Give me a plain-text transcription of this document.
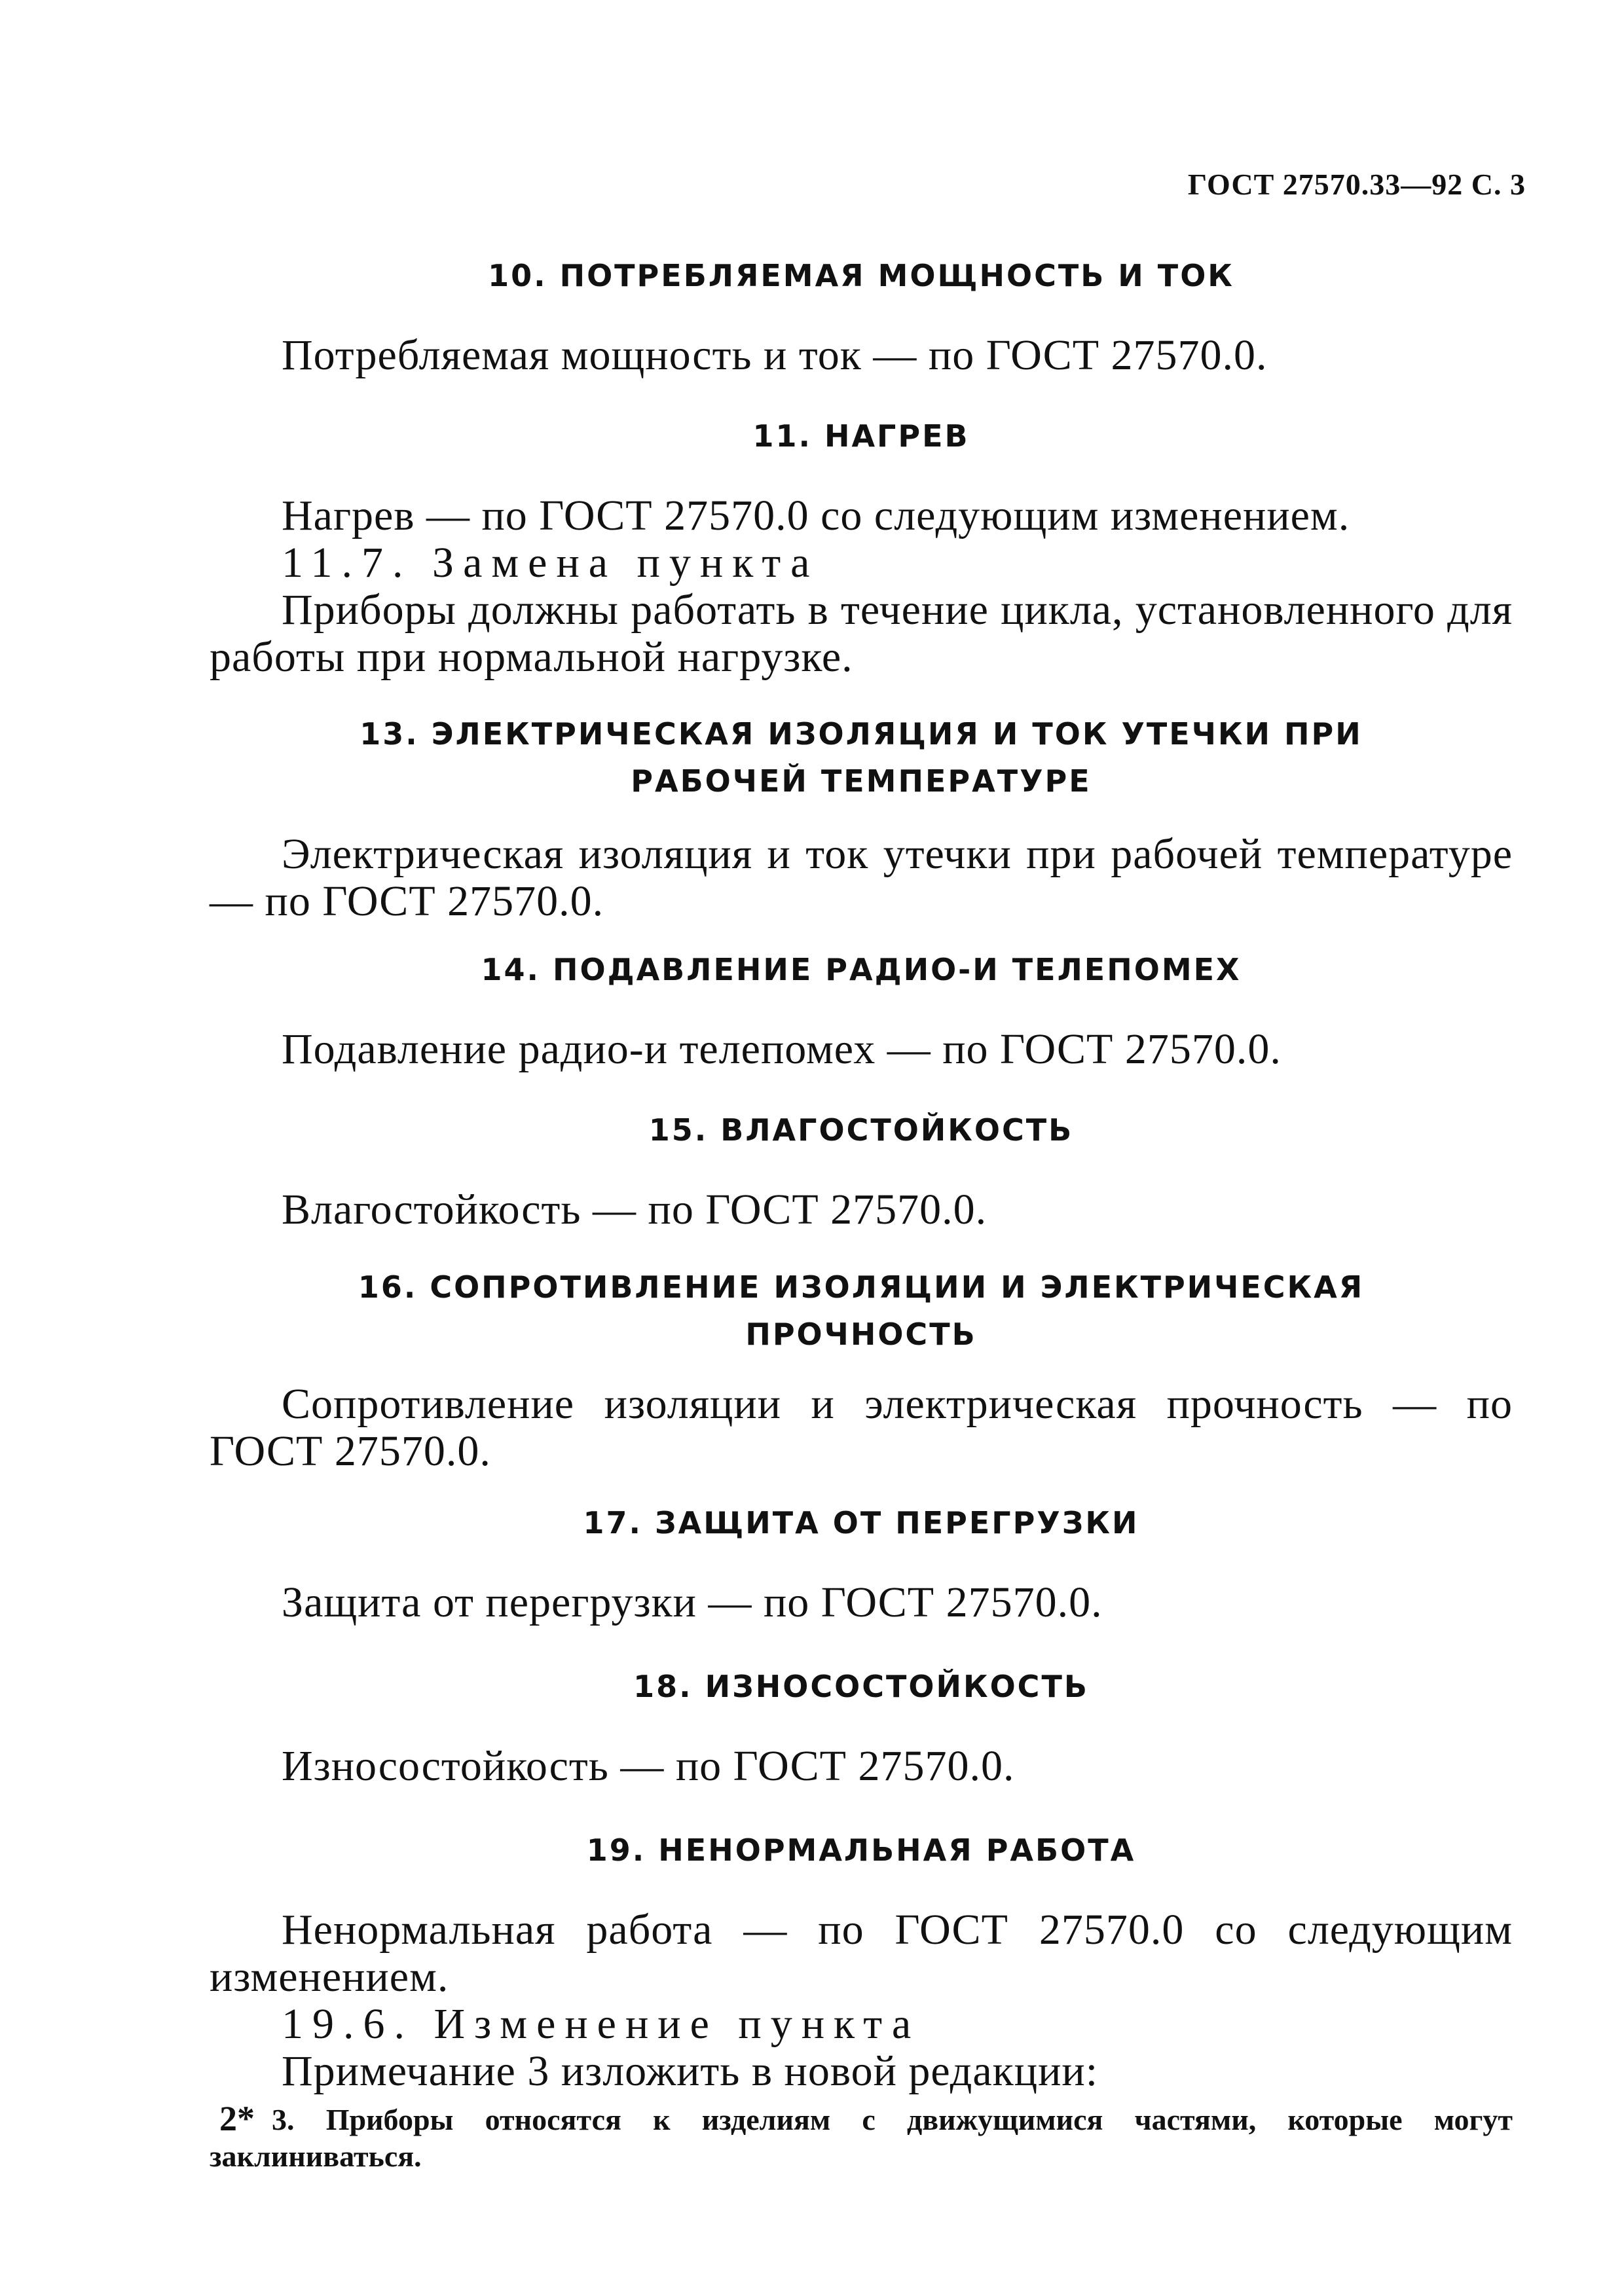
ГОСТ 27570.33—92 С. 3
10. ПОТРЕБЛЯЕМАЯ МОЩНОСТЬ И ТОК

Потребляемая мощность и ток — по ГОСТ 27570.0.

11. НАГРЕВ

Нагрев — по ГОСТ 27570.0 со следующим изменением.

11.7. Замена пункта

Приборы должны работать в течение цикла, установленного для работы при нормальной нагрузке.

13. ЭЛЕКТРИЧЕСКАЯ ИЗОЛЯЦИЯ И ТОК УТЕЧКИ ПРИ
РАБОЧЕЙ ТЕМПЕРАТУРЕ

Электрическая изоляция и ток утечки при рабочей температуре — по ГОСТ 27570.0.

14. ПОДАВЛЕНИЕ РАДИО-И ТЕЛЕПОМЕХ

Подавление радио-и телепомех — по ГОСТ 27570.0.

15. ВЛАГОСТОЙКОСТЬ

Влагостойкость — по ГОСТ 27570.0.

16. СОПРОТИВЛЕНИЕ ИЗОЛЯЦИИ И ЭЛЕКТРИЧЕСКАЯ
ПРОЧНОСТЬ

Сопротивление изоляции и электрическая прочность — по ГОСТ 27570.0.

17. ЗАЩИТА ОТ ПЕРЕГРУЗКИ

Защита от перегрузки — по ГОСТ 27570.0.

18. ИЗНОСОСТОЙКОСТЬ

Износостойкость — по ГОСТ 27570.0.

19. НЕНОРМАЛЬНАЯ РАБОТА

Ненормальная работа — по ГОСТ 27570.0 со следующим изменением.

19.6. Изменение пункта

Примечание 3 изложить в новой редакции:

3. Приборы относятся к изделиям с движущимися частями, которые могут заклиниваться.

2*
